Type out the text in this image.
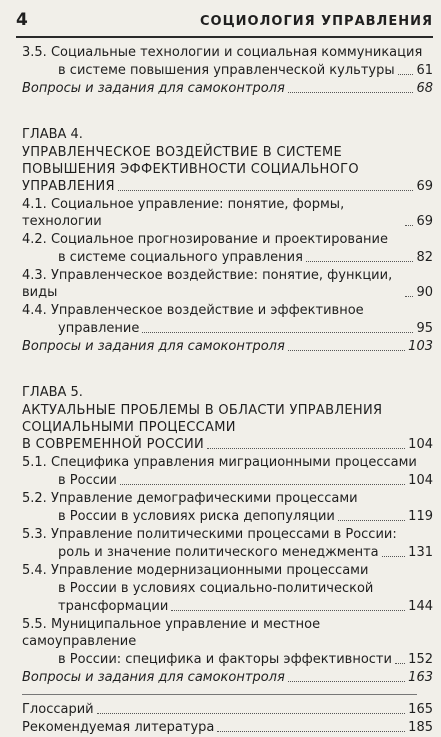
4	СОЦИОЛОГИЯ УПРАВЛЕНИЯ
3.5. Социальные технологии и социальная коммуникация
в системе повышения управленческой культуры 61
Вопросы и задания для самоконтроля	68
ГЛАВА 4.
УПРАВЛЕНЧЕСКОЕ ВОЗДЕЙСТВИЕ В СИСТЕМЕ
ПОВЫШЕНИЯ ЭФФЕКТИВНОСТИ СОЦИАЛЬНОГО
УПРАВЛЕНИЯ	69
4.1. Социальное управление: понятие, формы, технологии	69
4.2. Социальное прогнозирование и проектирование
в системе социального управления	82
4.3. Управленческое воздействие: понятие, функции, виды	90
4.4. Управленческое воздействие и эффективное
управление	95
Вопросы и задания для самоконтроля	103
ГЛАВА 5.
АКТУАЛЬНЫЕ ПРОБЛЕМЫ В ОБЛАСТИ УПРАВЛЕНИЯ
СОЦИАЛЬНЫМИ ПРОЦЕССАМИ
В СОВРЕМЕННОЙ РОССИИ	104
5.1. Специфика управления миграционными процессами
в России	104
5.2. Управление демографическими процессами
в России в условиях риска депопуляции	119
5.3. Управление политическими процессами в России:
роль и значение политического менеджмента 131
5.4. Управление модернизационными процессами
в России в условиях социально-политической
трансформации	144
5.5. Муниципальное управление и местное самоуправление
в России: специфика и факторы эффективности 152
Вопросы и задания для самоконтроля	163
Глоссарий	165
Рекомендуемая литература	185
